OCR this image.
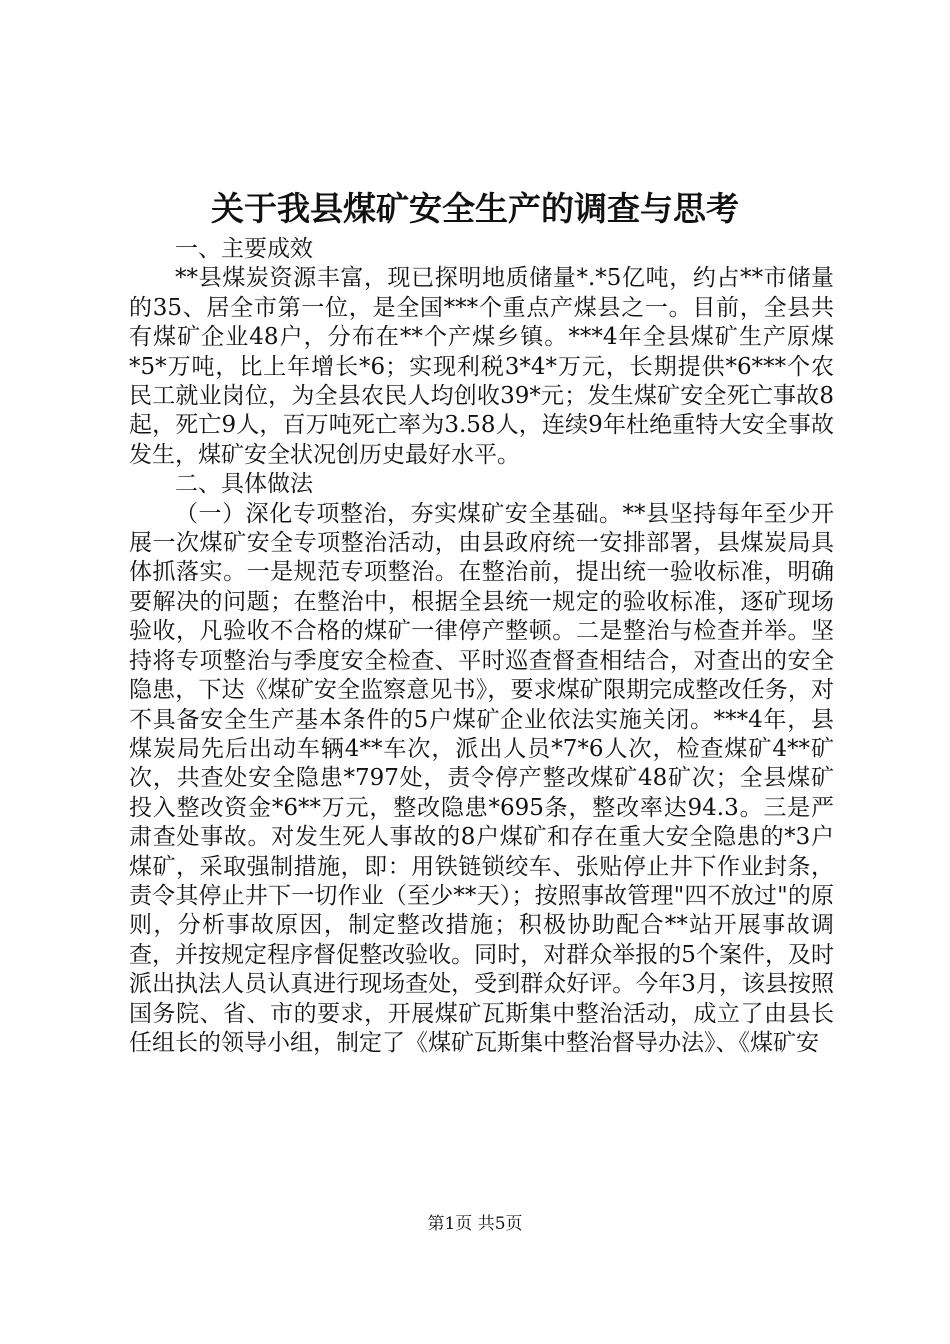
关于我县煤矿安全生产的调查与思考

一、主要成效

**县煤炭资源丰富，现已探明地质储量*.*5亿吨，约占**市储量的35、居全市第一位，是全国***个重点产煤县之一。目前，全县共有煤矿企业48户，分布在**个产煤乡镇。***4年全县煤矿生产原煤*5*万吨，比上年增长*6；实现利税3*4*万元，长期提供*6***个农民工就业岗位，为全县农民人均创收39*元；发生煤矿安全死亡事故8起，死亡9人，百万吨死亡率为3.58人，连续9年杜绝重特大安全事故发生，煤矿安全状况创历史最好水平。

二、具体做法

（一）深化专项整治，夯实煤矿安全基础。**县坚持每年至少开展一次煤矿安全专项整治活动，由县政府统一安排部署，县煤炭局具体抓落实。一是规范专项整治。在整治前，提出统一验收标准，明确要解决的问题；在整治中，根据全县统一规定的验收标准，逐矿现场验收，凡验收不合格的煤矿一律停产整顿。二是整治与检查并举。坚持将专项整治与季度安全检查、平时巡查督查相结合，对查出的安全隐患，下达《煤矿安全监察意见书》，要求煤矿限期完成整改任务，对不具备安全生产基本条件的5户煤矿企业依法实施关闭。***4年，县煤炭局先后出动车辆4**车次，派出人员*7*6人次，检查煤矿4**矿次，共查处安全隐患*797处，责令停产整改煤矿48矿次；全县煤矿投入整改资金*6**万元，整改隐患*695条，整改率达94.3。三是严肃查处事故。对发生死人事故的8户煤矿和存在重大安全隐患的*3户煤矿，采取强制措施，即：用铁链锁绞车、张贴停止井下作业封条，责令其停止井下一切作业（至少**天）；按照事故管理"四不放过"的原则，分析事故原因，制定整改措施；积极协助配合**站开展事故调查，并按规定程序督促整改验收。同时，对群众举报的5个案件，及时派出执法人员认真进行现场查处，受到群众好评。今年3月，该县按照国务院、省、市的要求，开展煤矿瓦斯集中整治活动，成立了由县长任组长的领导小组，制定了《煤矿瓦斯集中整治督导办法》、《煤矿安

第1页 共5页
